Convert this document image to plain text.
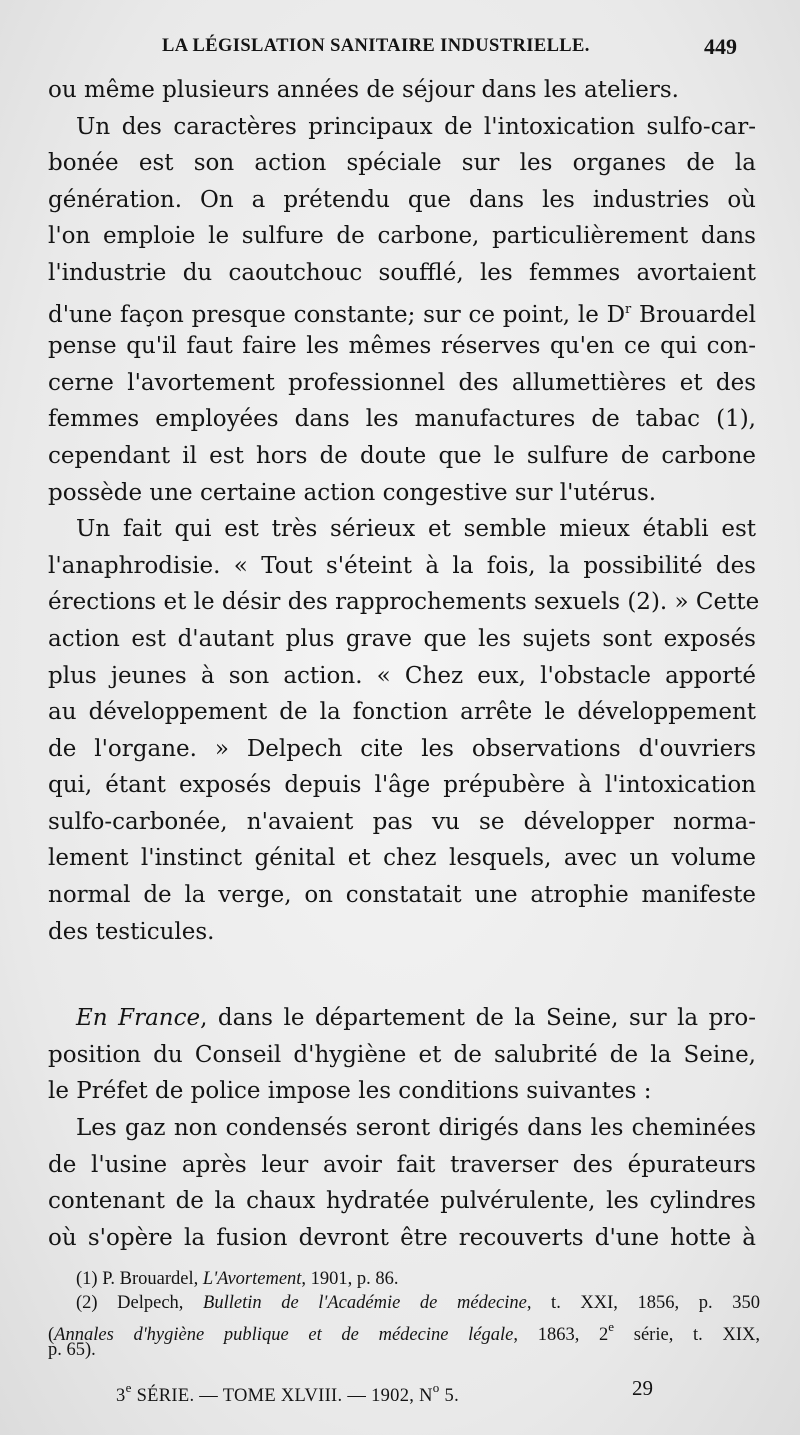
LA LÉGISLATION SANITAIRE INDUSTRIELLE.	449
ou même plusieurs années de séjour dans les ateliers.
Un des caractères principaux de l'intoxication sulfo-car-
bonée est son action spéciale sur les organes de la
génération. On a prétendu que dans les industries où
l'on emploie le sulfure de carbone, particulièrement dans
l'industrie du caoutchouc soufflé, les femmes avortaient
d'une façon presque constante; sur ce point, le $D^r$ Brouardel
pense qu'il faut faire les mêmes réserves qu'en ce qui con-
cerne l'avortement professionnel des allumettières et des
femmes employées dans les manufactures de tabac (1),
cependant il est hors de doute que le sulfure de carbone
possède une certaine action congestive sur l'utérus.
Un fait qui est très sérieux et semble mieux établi est
l'anaphrodisie. « Tout s'éteint à la fois, la possibilité des
érections et le désir des rapprochements sexuels (2). » Cette
action est d'autant plus grave que les sujets sont exposés
plus jeunes à son action. « Chez eux, l'obstacle apporté
au développement de la fonction arrête le développement
de l'organe. » Delpech cite les observations d'ouvriers
qui, étant exposés depuis l'âge prépubère à l'intoxication
sulfo-carbonée, n'avaient pas vu se développer norma-
lement l'instinct génital et chez lesquels, avec un volume
normal de la verge, on constatait une atrophie manifeste
des testicules.
En France, dans le département de la Seine, sur la pro-
position du Conseil d'hygiène et de salubrité de la Seine,
le Préfet de police impose les conditions suivantes :
Les gaz non condensés seront dirigés dans les cheminées
de l'usine après leur avoir fait traverser des épurateurs
contenant de la chaux hydratée pulvérulente, les cylindres
où s'opère la fusion devront être recouverts d'une hotte à
(1) P. Brouardel, L'Avortement, 1901, p. 86.
(2) Delpech, Bulletin de l'Académie de médecine, t. XXI, 1856, p. 350
(Annales d'hygiène publique et de médecine légale, 1863, 2e série, t. XIX,
p. 65).
3e SÉRIE. — TOME XLVIII. — 1902, $N^o$ 5.	29
